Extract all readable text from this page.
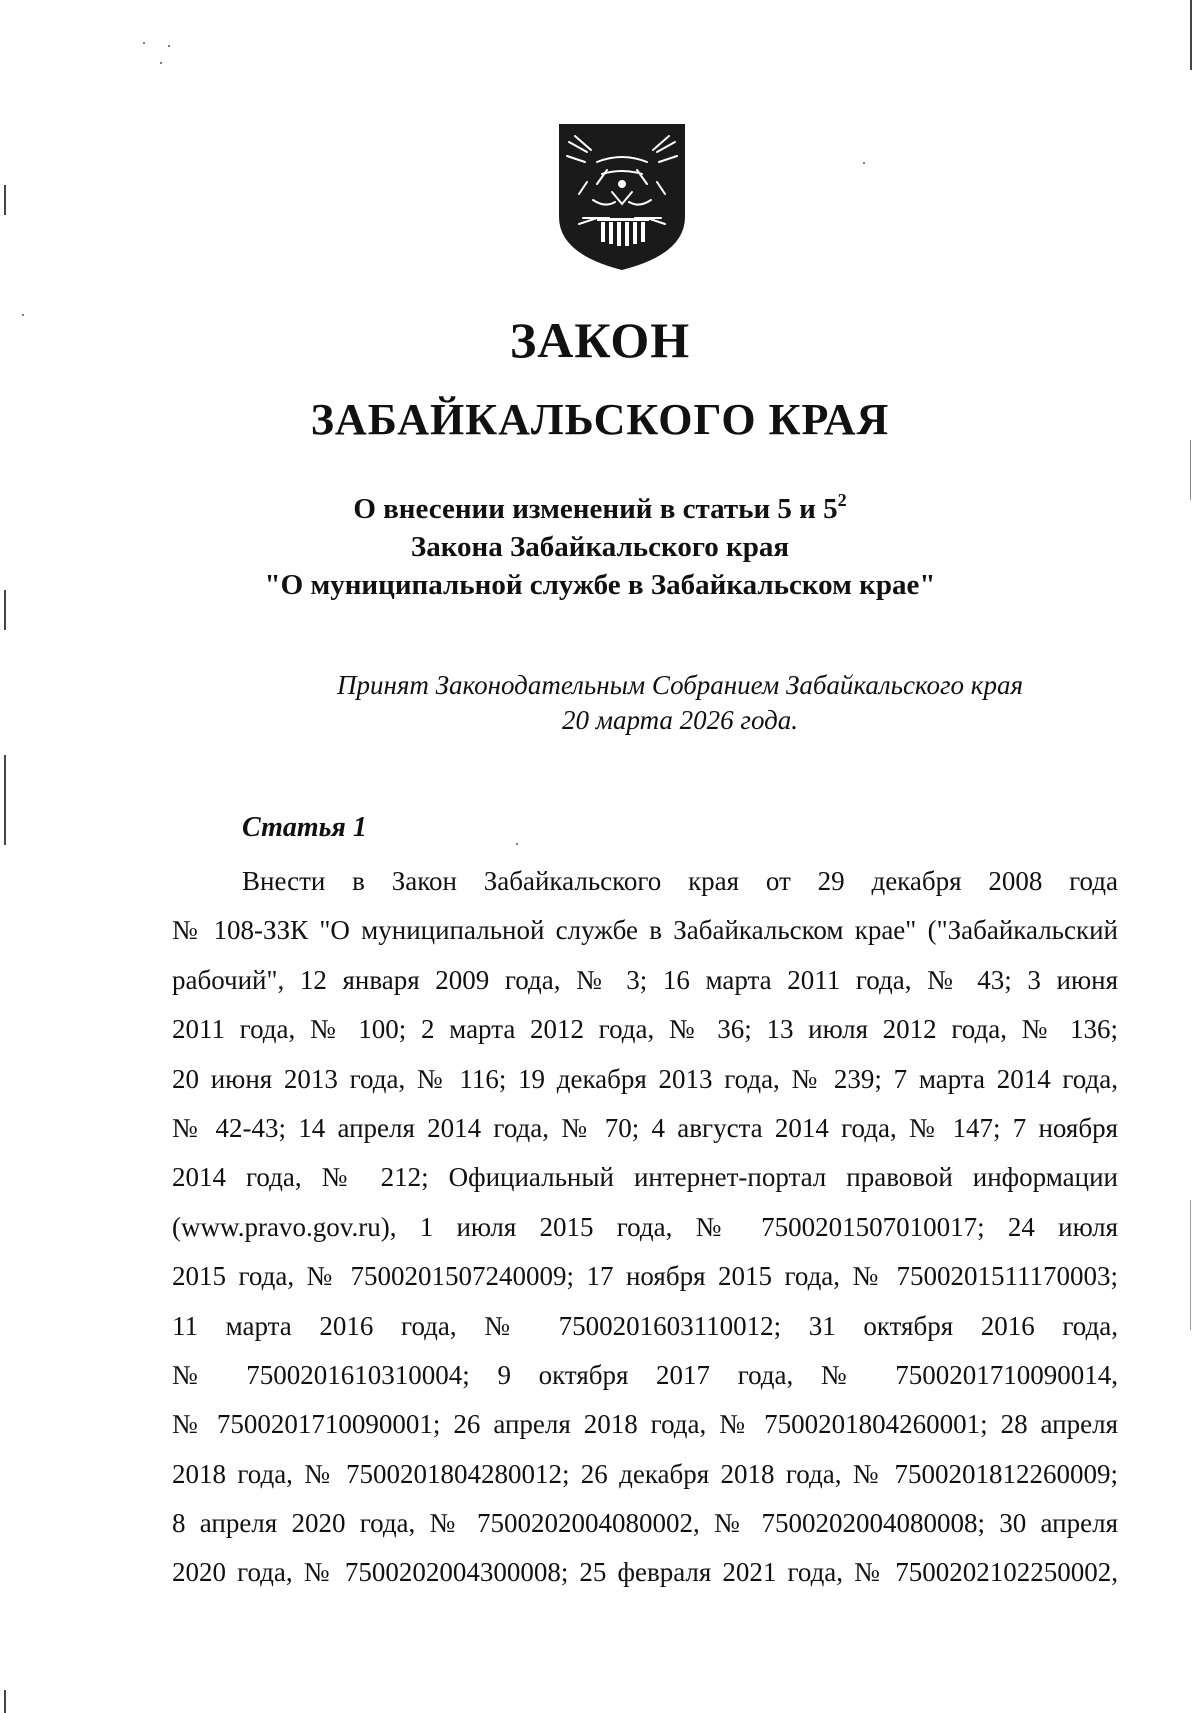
ЗАКОН
ЗАБАЙКАЛЬСКОГО КРАЯ
О внесении изменений в статьи 5 и $5^2$
Закона Забайкальского края
"О муниципальной службе в Забайкальском крае"
Принят Законодательным Собранием Забайкальского края
20 марта 2026 года.
Статья 1
Внести в Закон Забайкальского края от 29 декабря 2008 года
№ 108-ЗЗК "О муниципальной службе в Забайкальском крае" ("Забайкальский
рабочий", 12 января 2009 года, № 3; 16 марта 2011 года, № 43; 3 июня
2011 года, № 100; 2 марта 2012 года, № 36; 13 июля 2012 года, № 136;
20 июня 2013 года, № 116; 19 декабря 2013 года, № 239; 7 марта 2014 года,
№ 42-43; 14 апреля 2014 года, № 70; 4 августа 2014 года, № 147; 7 ноября
2014 года, № 212; Официальный интернет-портал правовой информации
(www.pravo.gov.ru), 1 июля 2015 года, № 7500201507010017; 24 июля
2015 года, № 7500201507240009; 17 ноября 2015 года, № 7500201511170003;
11 марта 2016 года, № 7500201603110012; 31 октября 2016 года,
№ 7500201610310004; 9 октября 2017 года, № 7500201710090014,
№ 7500201710090001; 26 апреля 2018 года, № 7500201804260001; 28 апреля
2018 года, № 7500201804280012; 26 декабря 2018 года, № 7500201812260009;
8 апреля 2020 года, № 7500202004080002, № 7500202004080008; 30 апреля
2020 года, № 7500202004300008; 25 февраля 2021 года, № 7500202102250002,
